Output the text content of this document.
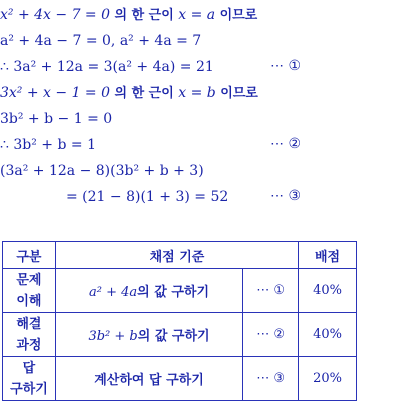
x² + 4x − 7 = 0 의 한 근이 x = a 이므로
a² + 4a − 7 = 0, a² + 4a = 7
∴ 3a² + 12a = 3(a² + 4a) = 21	⋯ ①
3x² + x − 1 = 0 의 한 근이 x = b 이므로
3b² + b − 1 = 0
∴ 3b² + b = 1	⋯ ②
(3a² + 12a − 8)(3b² + b + 3)
= (21 − 8)(1 + 3) = 52	⋯ ③
구분	채점 기준		배점
문제
이해	a² + 4a의 값 구하기	⋯ ①	40%
해결
과정	3b² + b의 값 구하기	⋯ ②	40%
답
구하기	계산하여 답 구하기	⋯ ③	20%
